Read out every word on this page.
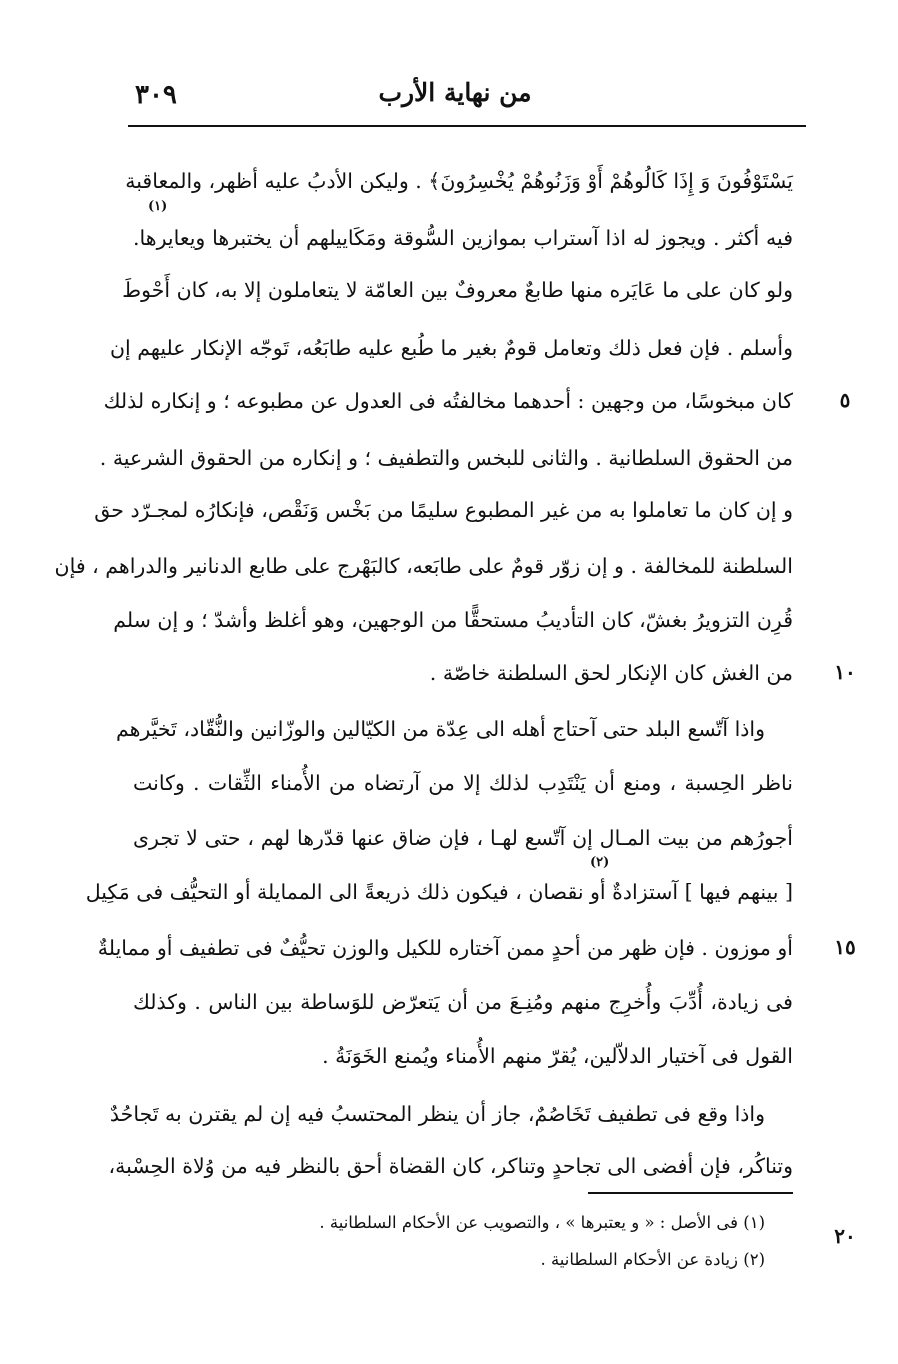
من نهاية الأرب
٣٠٩
يَسْتَوْفُونَ وَ إِذَا كَالُوهُمْ أَوْ وَزَنُوهُمْ يُخْسِرُونَ﴾ . وليكن الأدبُ عليه أظهر، والمعاقبة
(١)
فيه أكثر . ويجوز له اذا آستراب بموازين السُّوقة ومَكَاييلهم أن يختبرها ويعايرها.
ولو كان على ما عَايَره منها طابعٌ معروفٌ بين العامّة لا يتعاملون إلا به، كان أَحْوطَ
وأسلم . فإن فعل ذلك وتعامل قومٌ بغير ما طُبع عليه طابَعُه، تَوجّه الإنكار عليهم إن
كان مبخوسًا، من وجهين : أحدهما مخالفتُه فى العدول عن مطبوعه ؛ و إنكاره لذلك
من الحقوق السلطانية . والثانى للبخس والتطفيف ؛ و إنكاره من الحقوق الشرعية .
و إن كان ما تعاملوا به من غير المطبوع سليمًا من بَخْس وَنَقْص، فإنكارُه لمجـرّد حق
السلطنة للمخالفة . و إن زوّر قومٌ على طابَعه، كالبَهْرج على طابع الدنانير والدراهم ، فإن
قُرِن التزويرُ بغشّ، كان التأديبُ مستحقًّا من الوجهين، وهو أغلظ وأشدّ ؛ و إن سلم
من الغش كان الإنكار لحق السلطنة خاصّة .
واذا آتّسع البلد حتى آحتاج أهله الى عِدّة من الكيّالين والوزّانين والنُّقّاد، تَخيَّرهم
ناظر الحِسبة ، ومنع أن يَنْتَدِب لذلك إلا من آرتضاه من الأُمناء الثِّقات . وكانت
أجورُهم من بيت المـال إن آتّسع لهـا ، فإن ضاق عنها قدّرها لهم ، حتى لا تجرى
(٢)
[ بينهم فيها ] آستزادةٌ أو نقصان ، فيكون ذلك ذريعةً الى الممايلة أو التحيُّف فى مَكِيل
أو موزون . فإن ظهر من أحدٍ ممن آختاره للكيل والوزن تحيُّفٌ فى تطفيف أو ممايلةٌ
فى زيادة، أُدِّبَ وأُخرِج منهم ومُنِـعَ من أن يَتعرّض للوَساطة بين الناس . وكذلك
القول فى آختيار الدلاّلين، يُقرّ منهم الأُمناء ويُمنع الخَوَنَةُ .
واذا وقع فى تطفيف تَخَاصُمٌ، جاز أن ينظر المحتسبُ فيه إن لم يقترن به تَجاحُدٌ
وتناكُر، فإن أفضى الى تجاحدٍ وتناكر، كان القضاة أحق بالنظر فيه من وُلاة الحِسْبة،
٥
١٠
١٥
٢٠
(١) فى الأصل : « و يعتبرها » ، والتصويب عن الأحكام السلطانية .
(٢) زيادة عن الأحكام السلطانية .
